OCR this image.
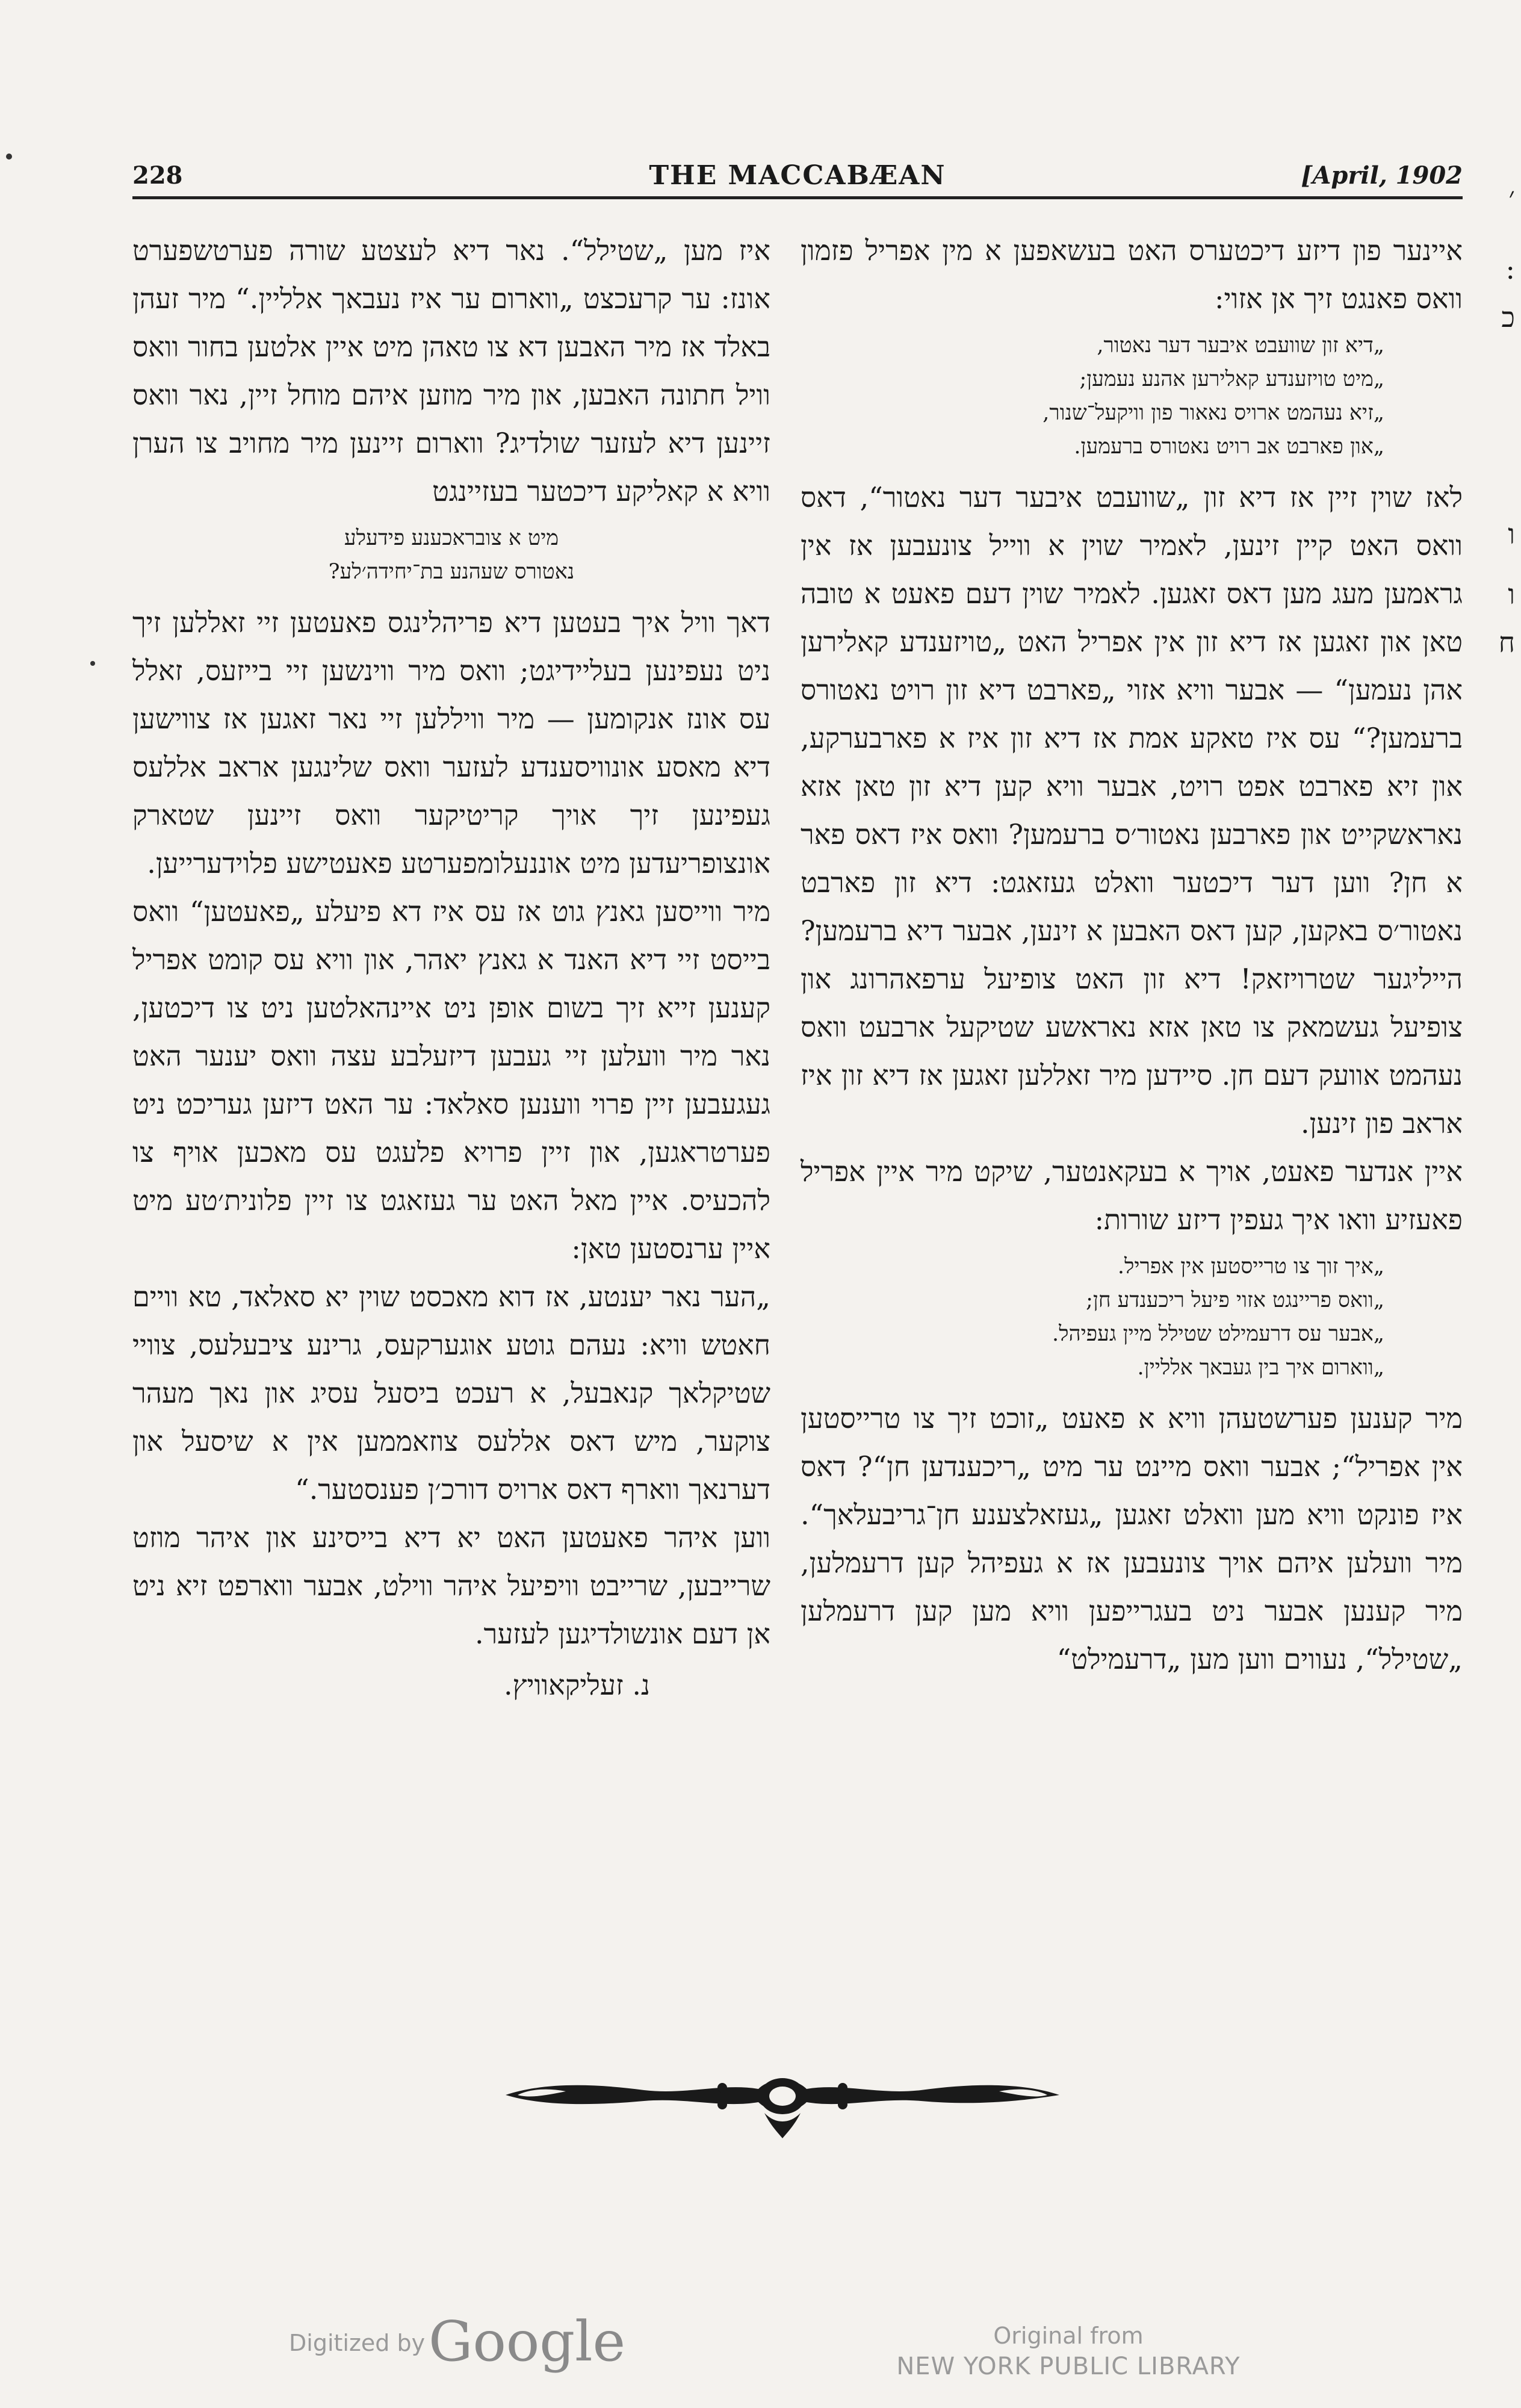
228	THE MACCABÆAN	[April, 1902

איינער פון דיזע דיכטערס האט בעשאפען א מין אפריל פזמון וואס פאנגט זיך אן אזוי:

„דיא זון שוועבט איבער דער נאטור,
„מיט טויזענדע קאלירען אהנע נעמען;
„זיא נעהמט ארויס נאאור פון וויקעל־שנור,
„און פארבט אב רויט נאטורס ברעמען.

לאז שוין זיין אז דיא זון „שוועבט איבער דער נאטור“, דאס וואס האט קיין זינען, לאמיר שוין א ווייל צונעבען אז אין גראמען מעג מען דאס זאגען. לאמיר שוין דעם פאעט א טובה טאן און זאגען אז דיא זון אין אפריל האט „טויזענדע קאלירען אהן נעמען“ — אבער וויא אזוי „פארבט דיא זון רויט נאטורס ברעמען?“ עס איז טאקע אמת אז דיא זון איז א פארבערקע, און זיא פארבט אפט רויט, אבער וויא קען דיא זון טאן אזא נאראשקייט און פארבען נאטור׳ס ברעמען? וואס איז דאס פאר א חן? ווען דער דיכטער וואלט געזאגט: דיא זון פארבט נאטור׳ס באקען, קען דאס האבען א זינען, אבער דיא ברעמען? הייליגער שטרויזאק! דיא זון האט צופיעל ערפאהרונג און צופיעל געשמאק צו טאן אזא נאראשע שטיקעל ארבעט וואס נעהמט אוועק דעם חן. סיידען מיר זאללען זאגען אז דיא זון איז אראב פון זינען.

איין אנדער פאעט, אויך א בעקאנטער, שיקט מיר איין אפריל פאעזיע וואו איך געפין דיזע שורות:

„איך זוך צו טרייסטען אין אפריל.
„וואס פריינגט אזוי פיעל ריכענדע חן;
„אבער עס דרעמילט שטילל מיין געפיהל.
„ווארום איך בין געבאך אלליין.

מיר קענען פערשטעהן וויא א פאעט „זוכט זיך צו טרייסטען אין אפריל“; אבער וואס מיינט ער מיט „ריכענדען חן“? דאס איז פונקט וויא מען וואלט זאגען „געזאלצענע חן־גריבעלאך“. מיר וועלען איהם אויך צונעבען אז א געפיהל קען דרעמלען, מיר קענען אבער ניט בעגרייפען וויא מען קען דרעמלען „שטילל“, נעווים ווען מען „דרעמילט“

איז מען „שטילל“. נאר דיא לעצטע שורה פערטשפערט אונז: ער קרעכצט „ווארום ער איז נעבאך אלליין.“ מיר זעהן באלד אז מיר האבען דא צו טאהן מיט איין אלטען בחור וואס וויל חתונה האבען, און מיר מוזען איהם מוחל זיין, נאר וואס זיינען דיא לעזער שולדיג? ווארום זיינען מיר מחויב צו הערן וויא א קאליקע דיכטער בעזיינגט

מיט א צובראכענע פידעלע
נאטורס שעהנע בת־יחידה׳לע?

דאך וויל איך בעטען דיא פריהלינגס פאעטען זיי זאללען זיך ניט נעפינען בעליידיגט; וואס מיר ווינשען זיי בייזעס, זאלל עס אונז אנקומען — מיר וויללען זיי נאר זאגען אז צווישען דיא מאסע אונוויסענדע לעזער וואס שלינגען אראב אללעס געפינען זיך אויך קריטיקער וואס זיינען שטארק אונצופריעדען מיט אוננעלומפערטע פאעטישע פלוידערייען.

מיר ווייסען גאנץ גוט אז עס איז דא פיעלע „פאעטען“ וואס בייסט זיי דיא האנד א גאנץ יאהר, און וויא עס קומט אפריל קענען זייא זיך בשום אופן ניט איינהאלטען ניט צו דיכטען, נאר מיר וועלען זיי געבען דיזעלבע עצה וואס יענער האט געגעבען זיין פרוי ווענען סאלאד: ער האט דיזען געריכט ניט פערטראגען, און זיין פרויא פלעגט עס מאכען אויף צו להכעיס. איין מאל האט ער געזאגט צו זיין פלונית׳טע מיט איין ערנסטען טאן:

„הער נאר יענטע, אז דוא מאכסט שוין יא סאלאד, טא וויים חאטש וויא: נעהם גוטע אוגערקעס, גרינע ציבעלעס, צוויי שטיקלאך קנאבעל, א רעכט ביסעל עסיג און נאך מעהר צוקער, מיש דאס אללעס צוזאממען אין א שיסעל און דערנאך ווארף דאס ארויס דורכ׳ן פענסטער.“

ווען איהר פאעטען האט יא דיא בייסינע און איהר מוזט שרייבען, שרייבט וויפיעל איהר ווילט, אבער ווארפט זיא ניט אן דעם אונשולדיגען לעזער.

נ. זעליקאוויץ.
׳
:
כ
ו
ו
ח
Digitized by Google	Original from
NEW YORK PUBLIC LIBRARY
